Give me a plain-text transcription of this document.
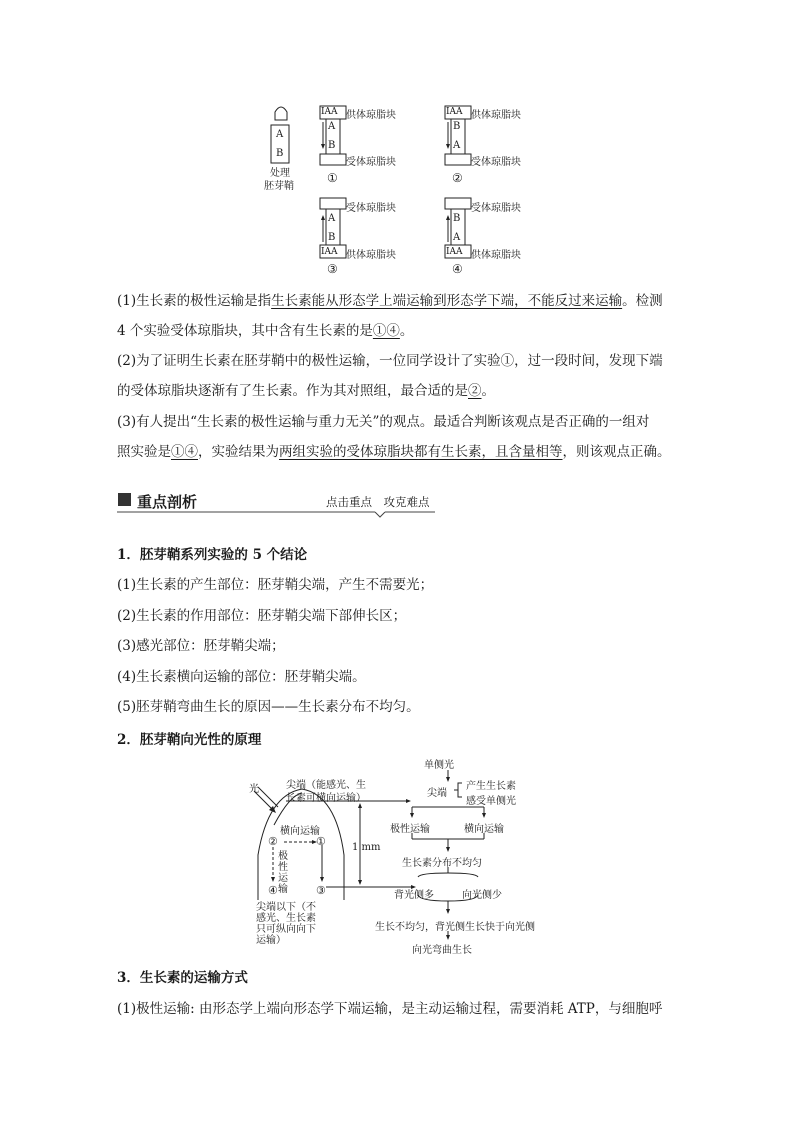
A
B
处理
胚芽鞘
IAA 供体琼脂块
A
B
受体琼脂块
①
IAA 供体琼脂块
B
A
受体琼脂块
②
受体琼脂块
A
B
IAA 供体琼脂块
③
受体琼脂块
B
A
IAA 供体琼脂块
④
(1)生长素的极性运输是指生长素能从形态学上端运输到形态学下端，不能反过来运输。检测
4 个实验受体琼脂块，其中含有生长素的是①④。
(2)为了证明生长素在胚芽鞘中的极性运输，一位同学设计了实验①，过一段时间，发现下端
的受体琼脂块逐渐有了生长素。作为其对照组，最合适的是②。
(3)有人提出“生长素的极性运输与重力无关”的观点。最适合判断该观点是否正确的一组对
照实验是①④，实验结果为两组实验的受体琼脂块都有生长素，且含量相等，则该观点正确。
重点剖析	点击重点　攻克难点
1．胚芽鞘系列实验的 5 个结论
(1)生长素的产生部位：胚芽鞘尖端，产生不需要光；
(2)生长素的作用部位：胚芽鞘尖端下部伸长区；
(3)感光部位：胚芽鞘尖端；
(4)生长素横向运输的部位：胚芽鞘尖端。
(5)胚芽鞘弯曲生长的原因——生长素分布不均匀。
2．胚芽鞘向光性的原理
光	尖端（能感光、生
长素可横向运输）
横向运输
②	①
极
性
运
输
④	③
尖端以下（不
感光、生长素
只可纵向向下
运输）
1 mm
单侧光
尖端
产生生长素
感受单侧光
极性运输	横向运输
生长素分布不均匀
背光侧多	向光侧少
生长不均匀，背光侧生长快于向光侧
向光弯曲生长
3．生长素的运输方式
(1)极性运输: 由形态学上端向形态学下端运输，是主动运输过程，需要消耗 ATP，与细胞呼
